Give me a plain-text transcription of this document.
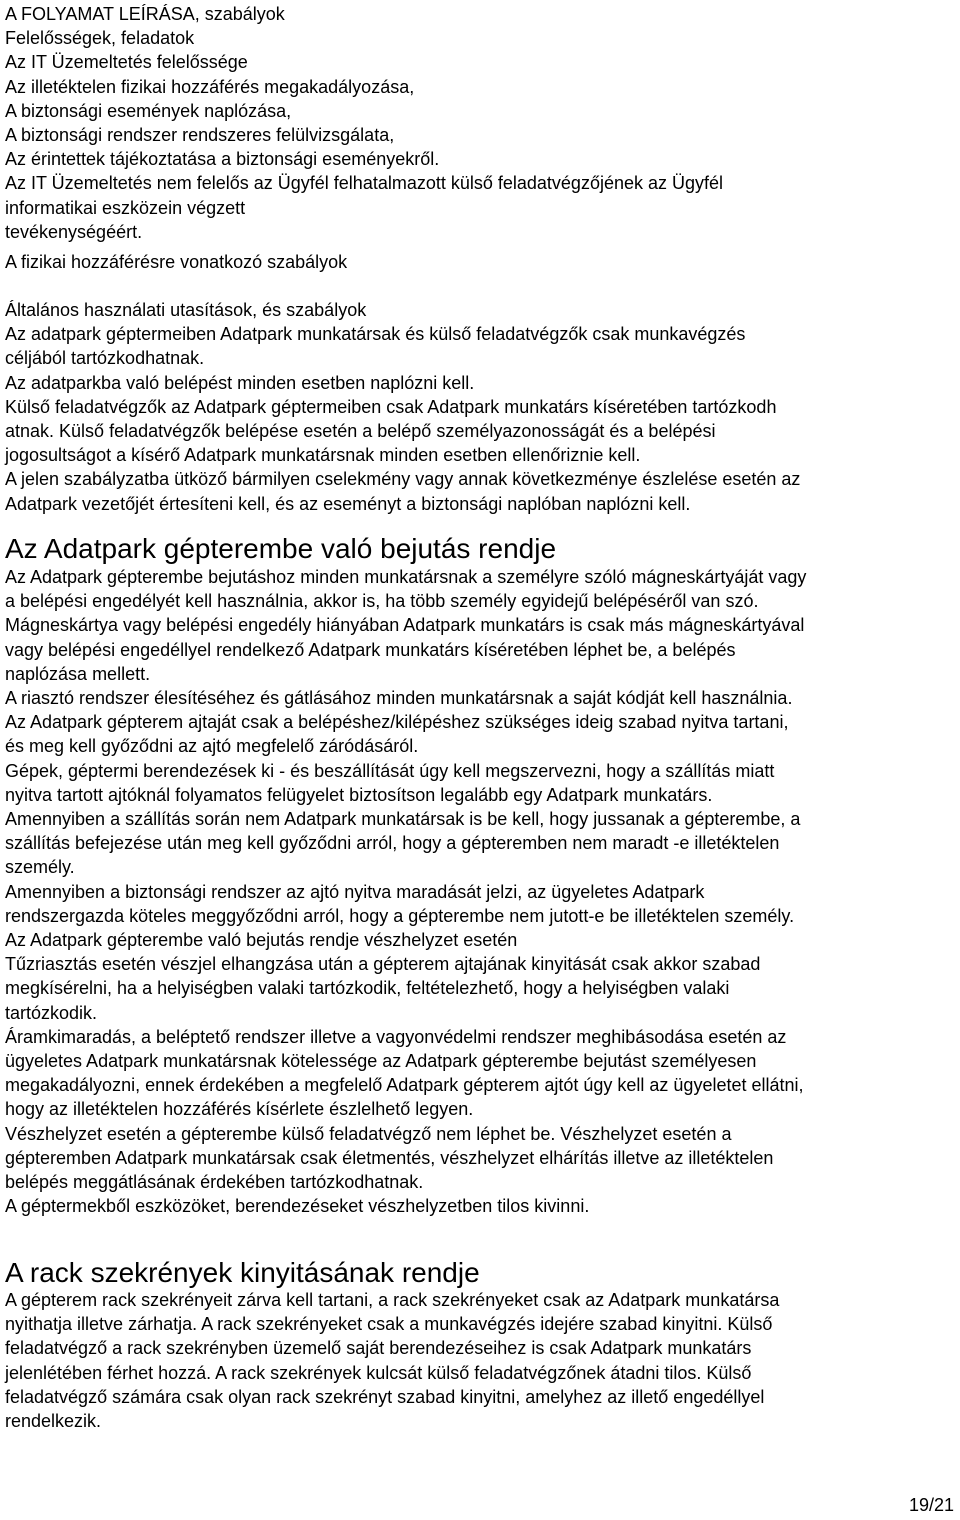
A FOLYAMAT LEÍRÁSA, szabályok

Felelősségek, feladatok

Az IT Üzemeltetés felelőssége

Az illetéktelen fizikai hozzáférés megakadályozása,

A biztonsági események naplózása,

A biztonsági rendszer rendszeres felülvizsgálata,

Az érintettek tájékoztatása a biztonsági eseményekről.

Az IT Üzemeltetés nem felelős az Ügyfél felhatalmazott külső feladatvégzőjének az Ügyfél

informatikai eszközein végzett

tevékenységéért.

A fizikai hozzáférésre vonatkozó szabályok

Általános használati utasítások, és szabályok

Az adatpark géptermeiben Adatpark munkatársak és külső feladatvégzők csak munkavégzés

céljából tartózkodhatnak.

Az adatparkba való belépést minden esetben naplózni kell.

Külső feladatvégzők az Adatpark géptermeiben csak Adatpark munkatárs kíséretében tartózkodh

atnak. Külső feladatvégzők belépése esetén a belépő személyazonosságát és a belépési

jogosultságot a kísérő Adatpark munkatársnak minden esetben ellenőriznie kell.

A jelen szabályzatba ütköző bármilyen cselekmény vagy annak következménye észlelése esetén az

Adatpark vezetőjét értesíteni kell, és az eseményt a biztonsági naplóban naplózni kell.

Az Adatpark gépterembe való bejutás rendje

Az Adatpark gépterembe bejutáshoz minden munkatársnak a személyre szóló mágneskártyáját vagy

a belépési engedélyét kell használnia, akkor is, ha több személy egyidejű belépéséről van szó.

Mágneskártya vagy belépési engedély hiányában Adatpark munkatárs is csak más mágneskártyával

vagy belépési engedéllyel rendelkező Adatpark munkatárs kíséretében léphet be, a belépés

naplózása mellett.

A riasztó rendszer élesítéséhez és gátlásához minden munkatársnak a saját kódját kell használnia.

Az Adatpark gépterem ajtaját csak a belépéshez/kilépéshez szükséges ideig szabad nyitva tartani,

és meg kell győződni az ajtó megfelelő záródásáról.

Gépek, géptermi berendezések ki - és beszállítását úgy kell megszervezni, hogy a szállítás miatt

nyitva tartott ajtóknál folyamatos felügyelet biztosítson legalább egy Adatpark munkatárs.

Amennyiben a szállítás során nem Adatpark munkatársak is be kell, hogy jussanak a gépterembe, a

szállítás befejezése után meg kell győződni arról, hogy a gépteremben nem maradt -e illetéktelen

személy.

Amennyiben a biztonsági rendszer az ajtó nyitva maradását jelzi, az ügyeletes Adatpark

rendszergazda köteles meggyőződni arról, hogy a gépterembe nem jutott-e be illetéktelen személy.

Az Adatpark gépterembe való bejutás rendje vészhelyzet esetén

Tűzriasztás esetén vészjel elhangzása után a gépterem ajtajának kinyitását csak akkor szabad

megkísérelni, ha a helyiségben valaki tartózkodik, feltételezhető, hogy a helyiségben valaki

tartózkodik.

Áramkimaradás, a beléptető rendszer illetve a vagyonvédelmi rendszer meghibásodása esetén az

ügyeletes Adatpark munkatársnak kötelessége az Adatpark gépterembe bejutást személyesen

megakadályozni, ennek érdekében a megfelelő Adatpark gépterem ajtót úgy kell az ügyeletet ellátni,

hogy az illetéktelen hozzáférés kísérlete észlelhető legyen.

Vészhelyzet esetén a gépterembe külső feladatvégző nem léphet be. Vészhelyzet esetén a

gépteremben Adatpark munkatársak csak életmentés, vészhelyzet elhárítás illetve az illetéktelen

belépés meggátlásának érdekében tartózkodhatnak.

A géptermekből eszközöket, berendezéseket vészhelyzetben tilos kivinni.

A rack szekrények kinyitásának rendje

A gépterem rack szekrényeit zárva kell tartani, a rack szekrényeket csak az Adatpark munkatársa

nyithatja illetve zárhatja. A rack szekrényeket csak a munkavégzés idejére szabad kinyitni. Külső

feladatvégző a rack szekrényben üzemelő saját berendezéseihez is csak Adatpark munkatárs

jelenlétében férhet hozzá. A rack szekrények kulcsát külső feladatvégzőnek átadni tilos. Külső

feladatvégző számára csak olyan rack szekrényt szabad kinyitni, amelyhez az illető engedéllyel

rendelkezik.

19/21
